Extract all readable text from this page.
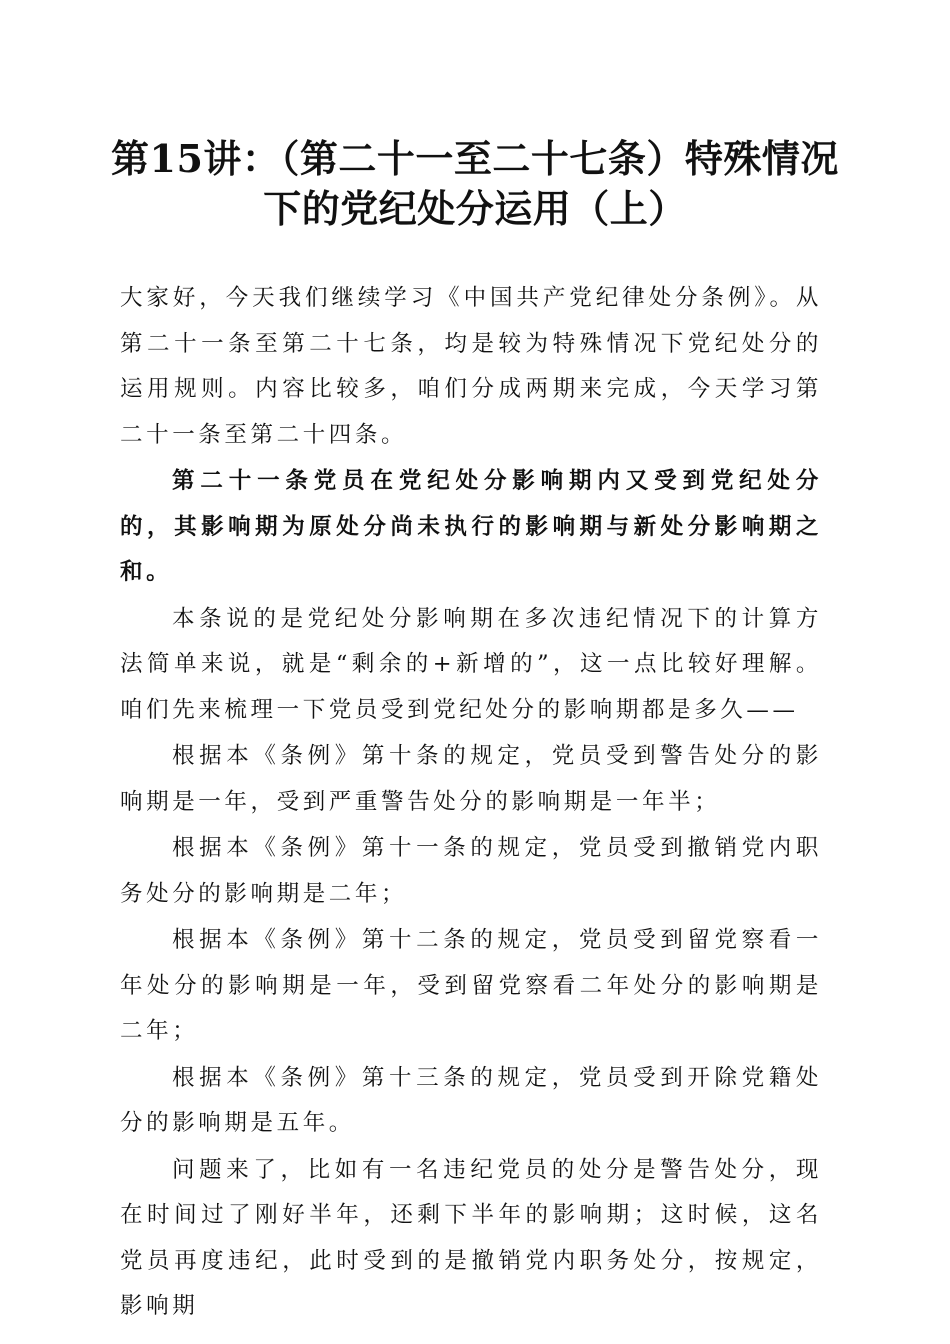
第15讲：（第二十一至二十七条）特殊情况
下的党纪处分运用（上）

大家好，今天我们继续学习《中国共产党纪律处分条例》。从第二十一条至第二十七条，均是较为特殊情况下党纪处分的运用规则。内容比较多，咱们分成两期来完成，今天学习第二十一条至第二十四条。

第二十一条党员在党纪处分影响期内又受到党纪处分的，其影响期为原处分尚未执行的影响期与新处分影响期之和。

本条说的是党纪处分影响期在多次违纪情况下的计算方法简单来说，就是“剩余的+新增的”，这一点比较好理解。咱们先来梳理一下党员受到党纪处分的影响期都是多久——

根据本《条例》第十条的规定，党员受到警告处分的影响期是一年，受到严重警告处分的影响期是一年半；

根据本《条例》第十一条的规定，党员受到撤销党内职务处分的影响期是二年；

根据本《条例》第十二条的规定，党员受到留党察看一年处分的影响期是一年，受到留党察看二年处分的影响期是二年；

根据本《条例》第十三条的规定，党员受到开除党籍处分的影响期是五年。

问题来了，比如有一名违纪党员的处分是警告处分，现在时间过了刚好半年，还剩下半年的影响期；这时候，这名党员再度违纪，此时受到的是撤销党内职务处分，按规定，影响期
